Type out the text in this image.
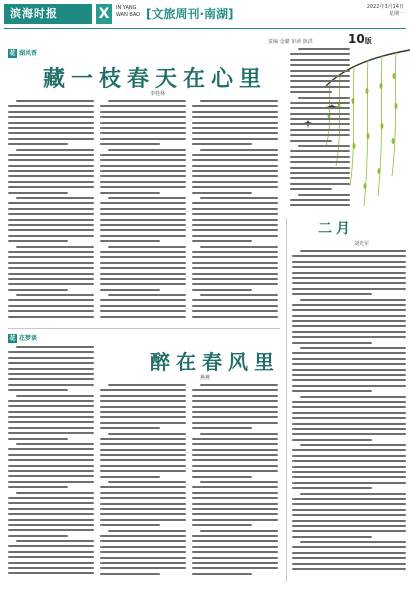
滨海时报	X	IN YANG
WAN BAO [文旅周刊·南湖]	2022年3月14日
星期一
10版
责编 金璐 审读 陈洪
花 湖风香
藏一枝春天在心里
李桂林
二月
刘光军
花 花梦谈
醉在春风里
燕燕
